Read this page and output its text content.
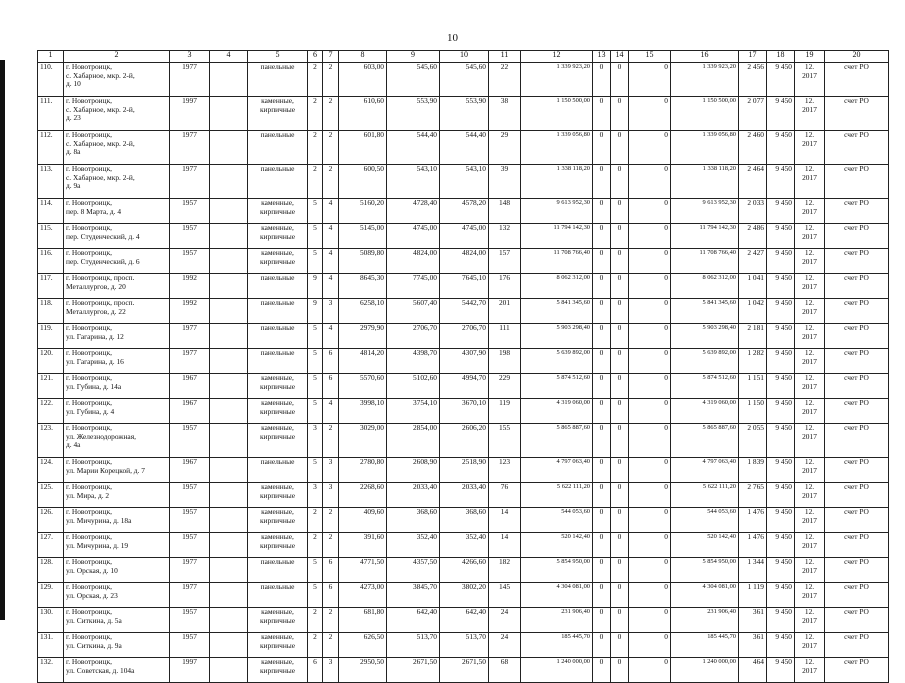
10
1	2	3	4	5	6	7	8	9	10	11	12	13	14	15	16	17	18	19	20
110.	г. Новотроицк,
с. Хабарное, мкр. 2-й,
д. 10	1977		панельные	2	2	603,00	545,60	545,60	22	1 339 923,20	0	0	0	1 339 923,20	2 456	9 450	12.
2017	счет РО
111.	г. Новотроицк,
с. Хабарное, мкр. 2-й,
д. 23	1997		каменные,
кирпичные	2	2	610,60	553,90	553,90	38	1 150 500,00	0	0	0	1 150 500,00	2 077	9 450	12.
2017	счет РО
112.	г. Новотроицк,
с. Хабарное, мкр. 2-й,
д. 8а	1977		панельные	2	2	601,80	544,40	544,40	29	1 339 056,80	0	0	0	1 339 056,80	2 460	9 450	12.
2017	счет РО
113.	г. Новотроицк,
с. Хабарное, мкр. 2-й,
д. 9а	1977		панельные	2	2	600,50	543,10	543,10	39	1 338 118,20	0	0	0	1 338 118,20	2 464	9 450	12.
2017	счет РО
114.	г. Новотроицк,
пер. 8 Марта, д. 4	1957		каменные,
кирпичные	5	4	5160,20	4728,40	4578,20	148	9 613 952,30	0	0	0	9 613 952,30	2 033	9 450	12.
2017	счет РО
115.	г. Новотроицк,
пер. Студенческий, д. 4	1957		каменные,
кирпичные	5	4	5145,00	4745,00	4745,00	132	11 794 142,30	0	0	0	11 794 142,30	2 486	9 450	12.
2017	счет РО
116.	г. Новотроицк,
пер. Студенческий, д. 6	1957		каменные,
кирпичные	5	4	5089,80	4824,00	4824,00	157	11 708 766,40	0	0	0	11 708 766,40	2 427	9 450	12.
2017	счет РО
117.	г. Новотроицк, просп.
Металлургов, д. 20	1992		панельные	9	4	8645,30	7745,00	7645,10	176	8 062 312,00	0	0	0	8 062 312,00	1 041	9 450	12.
2017	счет РО
118.	г. Новотроицк, просп.
Металлургов, д. 22	1992		панельные	9	3	6258,10	5607,40	5442,70	201	5 841 345,60	0	0	0	5 841 345,60	1 042	9 450	12.
2017	счет РО
119.	г. Новотроицк,
ул. Гагарина, д. 12	1977		панельные	5	4	2979,90	2706,70	2706,70	111	5 903 298,40	0	0	0	5 903 298,40	2 181	9 450	12.
2017	счет РО
120.	г. Новотроицк,
ул. Гагарина, д. 16	1977		панельные	5	6	4814,20	4398,70	4307,90	198	5 639 892,00	0	0	0	5 639 892,00	1 282	9 450	12.
2017	счет РО
121.	г. Новотроицк,
ул. Губина, д. 14а	1967		каменные,
кирпичные	5	6	5570,60	5102,60	4994,70	229	5 874 512,60	0	0	0	5 874 512,60	1 151	9 450	12.
2017	счет РО
122.	г. Новотроицк,
ул. Губина, д. 4	1967		каменные,
кирпичные	5	4	3998,10	3754,10	3670,10	119	4 319 060,00	0	0	0	4 319 060,00	1 150	9 450	12.
2017	счет РО
123.	г. Новотроицк,
ул. Железнодорожная,
д. 4а	1957		каменные,
кирпичные	3	2	3029,00	2854,00	2606,20	155	5 865 887,60	0	0	0	5 865 887,60	2 055	9 450	12.
2017	счет РО
124.	г. Новотроицк,
ул. Марии Корецкой, д. 7	1967		панельные	5	3	2780,80	2608,90	2518,90	123	4 797 063,40	0	0	0	4 797 063,40	1 839	9 450	12.
2017	счет РО
125.	г. Новотроицк,
ул. Мира, д. 2	1957		каменные,
кирпичные	3	3	2268,60	2033,40	2033,40	76	5 622 111,20	0	0	0	5 622 111,20	2 765	9 450	12.
2017	счет РО
126.	г. Новотроицк,
ул. Мичурина, д. 18а	1957		каменные,
кирпичные	2	2	409,60	368,60	368,60	14	544 053,60	0	0	0	544 053,60	1 476	9 450	12.
2017	счет РО
127.	г. Новотроицк,
ул. Мичурина, д. 19	1957		каменные,
кирпичные	2	2	391,60	352,40	352,40	14	520 142,40	0	0	0	520 142,40	1 476	9 450	12.
2017	счет РО
128.	г. Новотроицк,
ул. Орская, д. 10	1977		панельные	5	6	4771,50	4357,50	4266,60	182	5 854 950,00	0	0	0	5 854 950,00	1 344	9 450	12.
2017	счет РО
129.	г. Новотроицк,
ул. Орская, д. 23	1977		панельные	5	6	4273,00	3845,70	3802,20	145	4 304 081,00	0	0	0	4 304 081,00	1 119	9 450	12.
2017	счет РО
130.	г. Новотроицк,
ул. Ситкина, д. 5а	1957		каменные,
кирпичные	2	2	681,80	642,40	642,40	24	231 906,40	0	0	0	231 906,40	361	9 450	12.
2017	счет РО
131.	г. Новотроицк,
ул. Ситкина, д. 9а	1957		каменные,
кирпичные	2	2	626,50	513,70	513,70	24	185 445,70	0	0	0	185 445,70	361	9 450	12.
2017	счет РО
132.	г. Новотроицк,
ул. Советская, д. 104а	1997		каменные,
кирпичные	6	3	2950,50	2671,50	2671,50	68	1 240 000,00	0	0	0	1 240 000,00	464	9 450	12.
2017	счет РО
